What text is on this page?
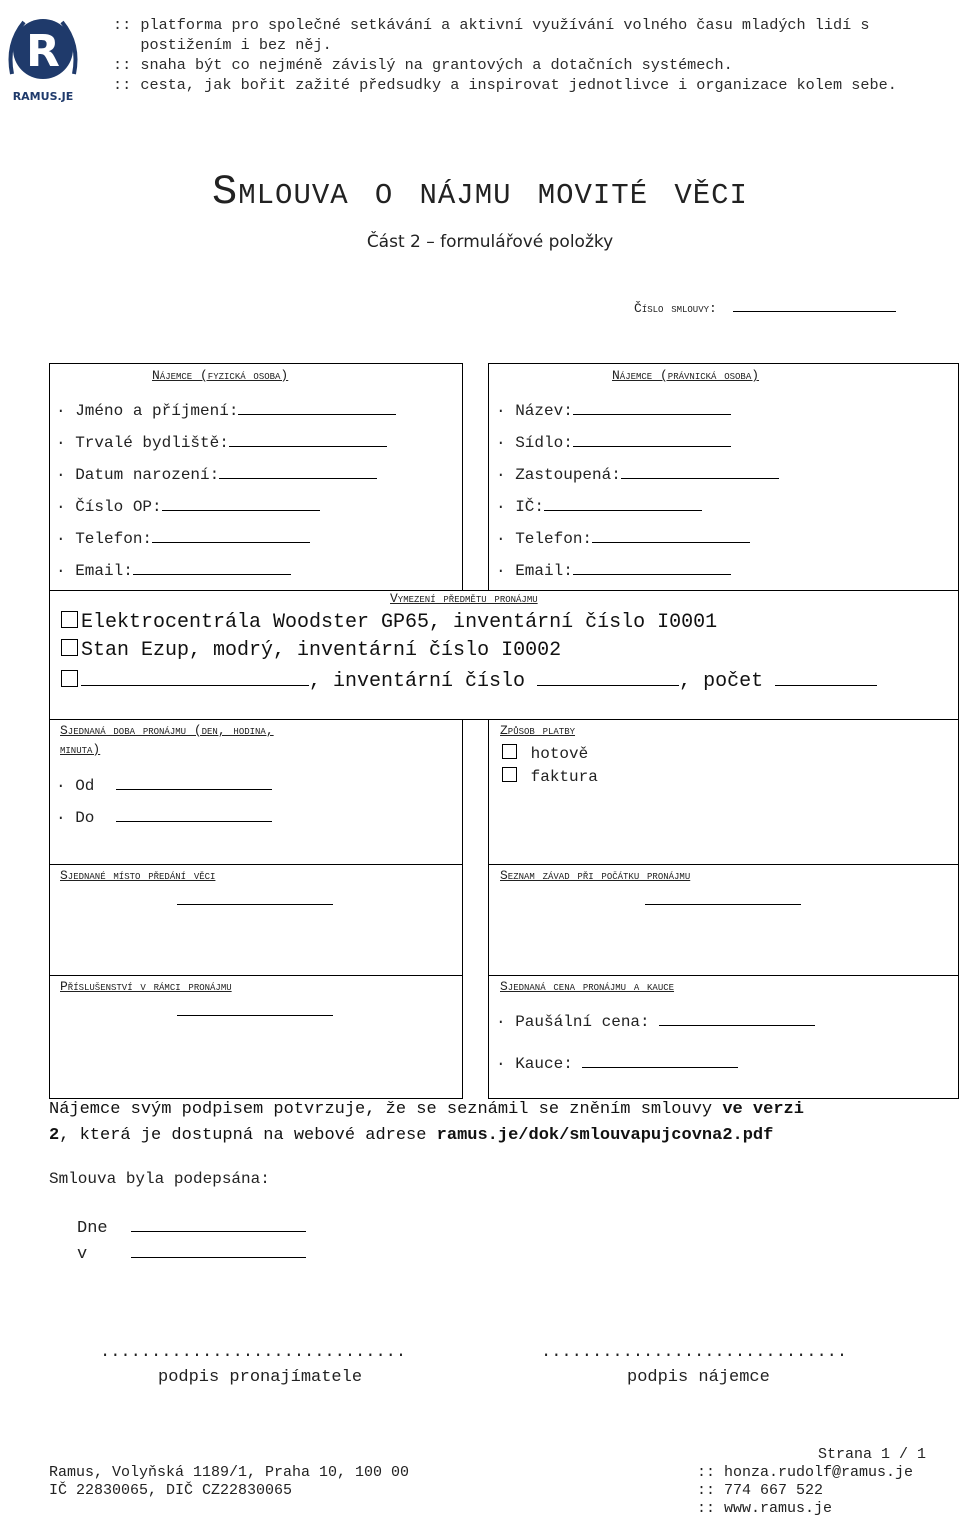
R
RAMUS.JE
:: platforma pro společné setkávání a aktivní využívání volného času mladých lidí s
postižením i bez něj.
:: snaha být co nejméně závislý na grantových a dotačních systémech.
:: cesta, jak bořit zažité předsudky a inspirovat jednotlivce i organizace kolem sebe.
Smlouva o nájmu movité věci
Část 2 – formulářové položky
Číslo smlouvy:
Nájemce (fyzická osoba)	Nájemce (právnická osoba)
· Jméno a příjmení:
· Trvalé bydliště:
· Datum narození:
· Číslo OP:
· Telefon:
· Email:
· Název:
· Sídlo:
· Zastoupená:
· IČ:
· Telefon:
· Email:
Vymezení předmětu pronájmu
Elektrocentrála Woodster GP65, inventární číslo I0001
Stan Ezup, modrý, inventární číslo I0002
, inventární číslo	, počet
Sjednaná doba pronájmu (den, hodina,
minuta)
· Od
· Do
Způsob platby
hotově
faktura
Sjednané místo předání věci	Seznam závad při počátku pronájmu
Příslušenství v rámci pronájmu	Sjednaná cena pronájmu a kauce
· Paušální cena:
· Kauce:
Nájemce svým podpisem potvrzuje, že se seznámil se zněním smlouvy ve verzi
2, která je dostupná na webové adrese ramus.je/dok/smlouvapujcovna2.pdf
Smlouva byla podepsána:
Dne
v
..............................	..............................
podpis pronajímatele	podpis nájemce
Strana 1 / 1
Ramus, Volyňská 1189/1, Praha 10, 100 00
IČ 22830065, DIČ CZ22830065
:: honza.rudolf@ramus.je
:: 774 667 522
:: www.ramus.je
